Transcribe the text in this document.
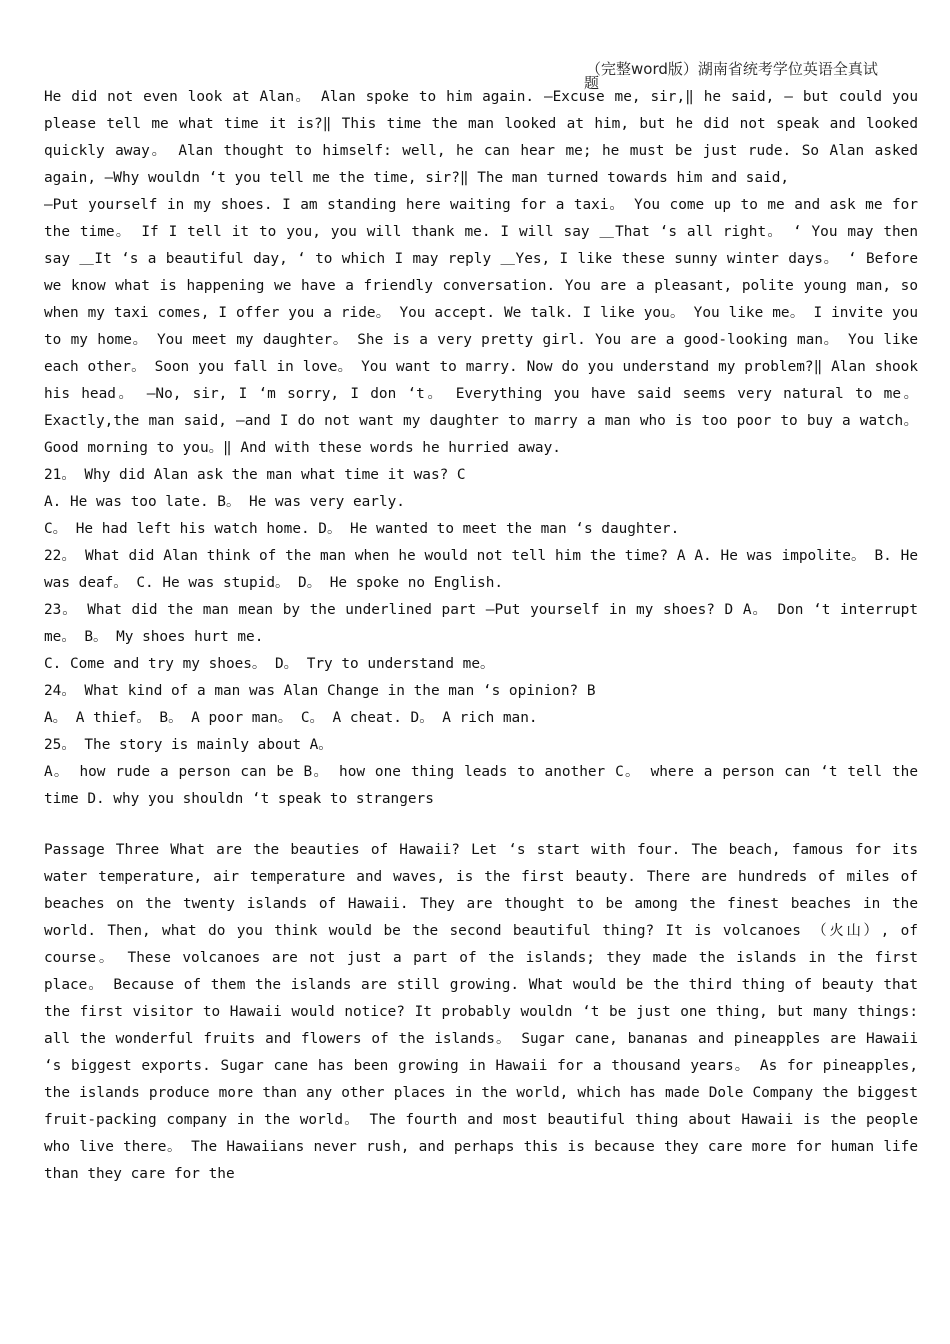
（完整word版）湖南省统考学位英语全真试
题

He did not even look at Alan。 Alan spoke to him again. ―Excuse me, sir,‖ he said, ― but could you please tell me what time it is?‖ This time the man looked at him, but he did not speak and looked quickly away。 Alan thought to himself: well, he can hear me; he must be just rude. So Alan asked again, ―Why wouldn ‘t you tell me the time, sir?‖ The man turned towards him and said,

―Put yourself in my shoes. I am standing here waiting for a taxi。 You come up to me and ask me for the time。 If I tell it to you, you will thank me. I will say ＿That ‘s all right。 ‘ You may then say ＿It ‘s a beautiful day, ‘ to which I may reply ＿Yes, I like these sunny winter days。 ‘ Before we know what is happening we have a friendly conversation. You are a pleasant, polite young man, so when my taxi comes, I offer you a ride。 You accept. We talk. I like you。 You like me。 I invite you to my home。 You meet my daughter。 She is a very pretty girl. You are a good-looking man。 You like each other。 Soon you fall in love。 You want to marry. Now do you understand my problem?‖ Alan shook his head。 ―No, sir, I ‘m sorry, I don ‘t。 Everything you have said seems very natural to me。Exactly,the man said, ―and I do not want my daughter to marry a man who is too poor to buy a watch。 Good morning to you。‖ And with these words he hurried away.

21。 Why did Alan ask the man what time it was? C

A. He was too late. B。 He was very early.

C。 He had left his watch home. D。 He wanted to meet the man ‘s daughter.

22。 What did Alan think of the man when he would not tell him the time? A A. He was impolite。 B. He was deaf。 C. He was stupid。 D。 He spoke no English.

23。 What did the man mean by the underlined part ―Put yourself in my shoes? D A。 Don ‘t interrupt me。 B。 My shoes hurt me.

C. Come and try my shoes。 D。 Try to understand me。

24。 What kind of a man was Alan Change in the man ‘s opinion? B

A。 A thief。 B。 A poor man。 C。 A cheat. D。 A rich man.

25。 The story is mainly about A。

A。 how rude a person can be B。 how one thing leads to another C。 where a person can ‘t tell the time D. why you shouldn ‘t speak to strangers

Passage Three What are the beauties of Hawaii? Let ‘s start with four. The beach, famous for its water temperature, air temperature and waves, is the first beauty. There are hundreds of miles of beaches on the twenty islands of Hawaii. They are thought to be among the finest beaches in the world. Then, what do you think would be the second beautiful thing? It is volcanoes （火山）, of course。 These volcanoes are not just a part of the islands; they made the islands in the first place。 Because of them the islands are still growing. What would be the third thing of beauty that the first visitor to Hawaii would notice? It probably wouldn ‘t be just one thing, but many things: all the wonderful fruits and flowers of the islands。 Sugar cane, bananas and pineapples are Hawaii ‘s biggest exports. Sugar cane has been growing in Hawaii for a thousand years。 As for pineapples, the islands produce more than any other places in the world, which has made Dole Company the biggest fruit-packing company in the world。 The fourth and most beautiful thing about Hawaii is the people who live there。 The Hawaiians never rush, and perhaps this is because they care more for human life than they care for the
